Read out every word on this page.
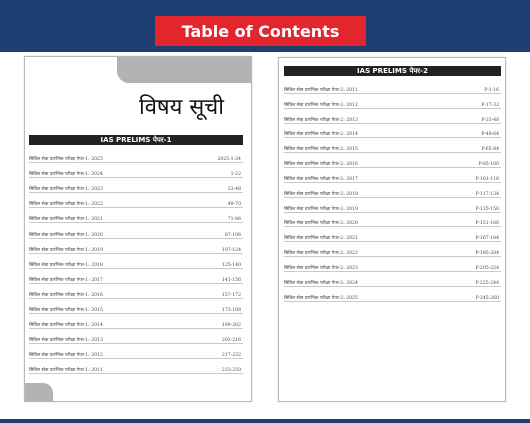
Table of Contents
विषय सूची
IAS PRELIMS पेपर-1
सिविल सेवा प्रारंभिक परीक्षा पेपर-1: 2025	2025-1-24
सिविल सेवा प्रारंभिक परीक्षा पेपर-1: 2024	1-22
सिविल सेवा प्रारंभिक परीक्षा पेपर-1: 2023	23-48
सिविल सेवा प्रारंभिक परीक्षा पेपर-1: 2022	49-70
सिविल सेवा प्रारंभिक परीक्षा पेपर-1: 2021	71-86
सिविल सेवा प्रारंभिक परीक्षा पेपर-1: 2020	87-106
सिविल सेवा प्रारंभिक परीक्षा पेपर-1: 2019	107-124
सिविल सेवा प्रारंभिक परीक्षा पेपर-1: 2018	125-140
सिविल सेवा प्रारंभिक परीक्षा पेपर-1: 2017	141-156
सिविल सेवा प्रारंभिक परीक्षा पेपर-1: 2016	157-172
सिविल सेवा प्रारंभिक परीक्षा पेपर-1: 2015	173-188
सिविल सेवा प्रारंभिक परीक्षा पेपर-1: 2014	189-202
सिविल सेवा प्रारंभिक परीक्षा पेपर-1: 2013	203-216
सिविल सेवा प्रारंभिक परीक्षा पेपर-1: 2012	217-232
सिविल सेवा प्रारंभिक परीक्षा पेपर-1: 2011	233-250
IAS PRELIMS पेपर-2
सिविल सेवा प्रारंभिक परीक्षा पेपर-2: 2011	P-1-16
सिविल सेवा प्रारंभिक परीक्षा पेपर-2: 2012	P-17-32
सिविल सेवा प्रारंभिक परीक्षा पेपर-2: 2013	P-33-48
सिविल सेवा प्रारंभिक परीक्षा पेपर-2: 2014	P-49-64
सिविल सेवा प्रारंभिक परीक्षा पेपर-2: 2015	P-65-84
सिविल सेवा प्रारंभिक परीक्षा पेपर-2: 2016	P-85-100
सिविल सेवा प्रारंभिक परीक्षा पेपर-2: 2017	P-101-116
सिविल सेवा प्रारंभिक परीक्षा पेपर-2: 2018	P-117-134
सिविल सेवा प्रारंभिक परीक्षा पेपर-2: 2019	P-135-150
सिविल सेवा प्रारंभिक परीक्षा पेपर-2: 2020	P-151-166
सिविल सेवा प्रारंभिक परीक्षा पेपर-2: 2021	P-167-184
सिविल सेवा प्रारंभिक परीक्षा पेपर-2: 2022	P-185-204
सिविल सेवा प्रारंभिक परीक्षा पेपर-2: 2023	P-205-224
सिविल सेवा प्रारंभिक परीक्षा पेपर-2: 2024	P-225-244
सिविल सेवा प्रारंभिक परीक्षा पेपर-2: 2025	P-245-260
